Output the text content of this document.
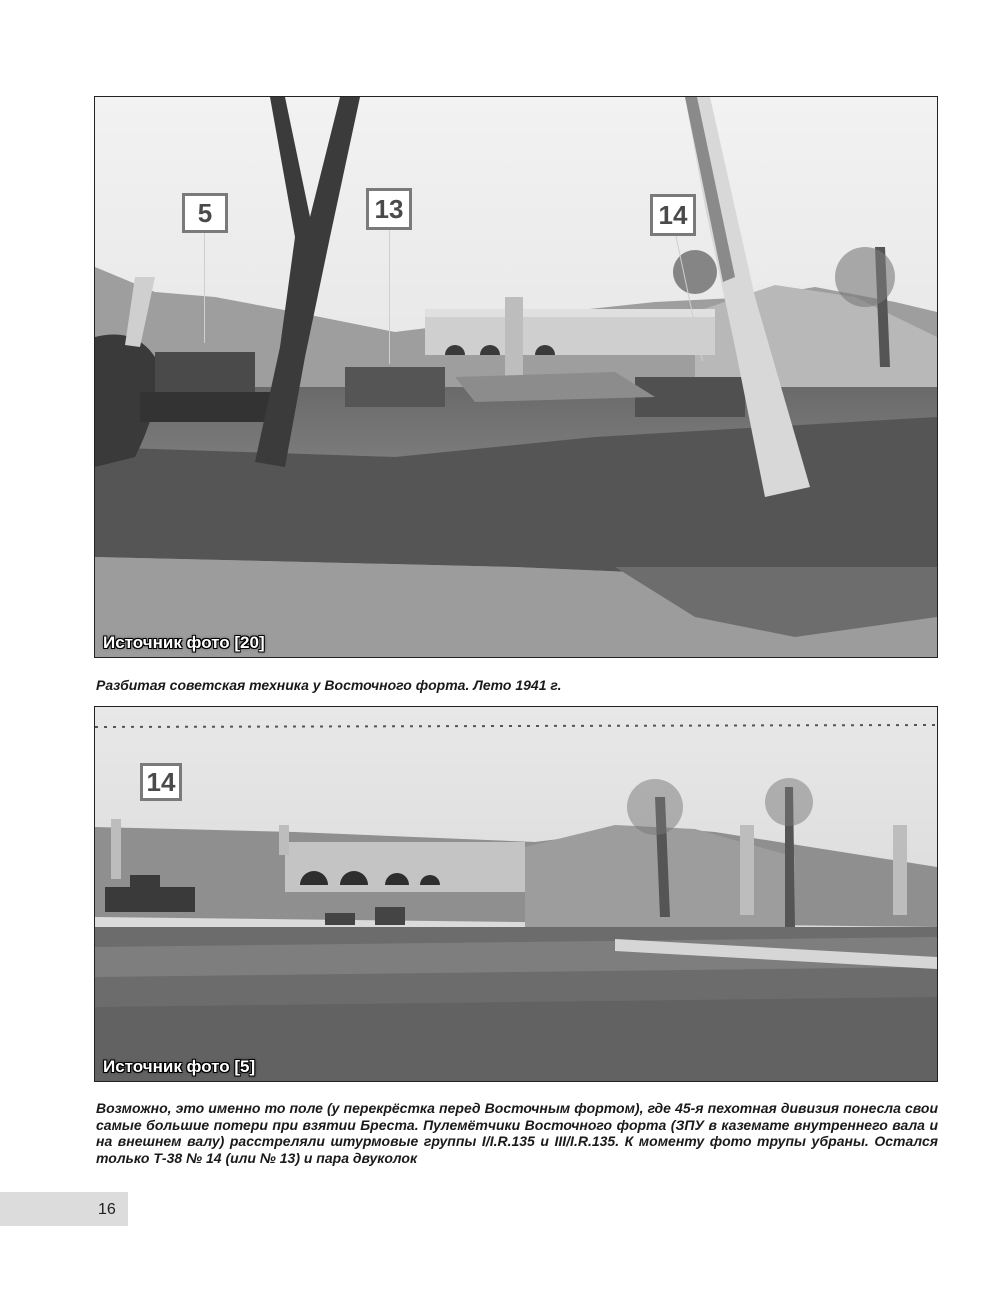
5	13	14
Источник фото [20]

Разбитая советская техника у Восточного форта. Лето 1941 г.

14
Источник фото [5]

Возможно, это именно то поле (у перекрёстка перед Восточным фортом), где 45-я пехотная дивизия понесла свои самые большие потери при взятии Бреста. Пулемётчики Восточного форта (ЗПУ в каземате внутреннего вала и на внешнем валу) расстреляли штурмовые группы I/I.R.135 и III/I.R.135. К моменту фото трупы убраны. Остался только Т-38 № 14 (или № 13) и пара двуколок

16
